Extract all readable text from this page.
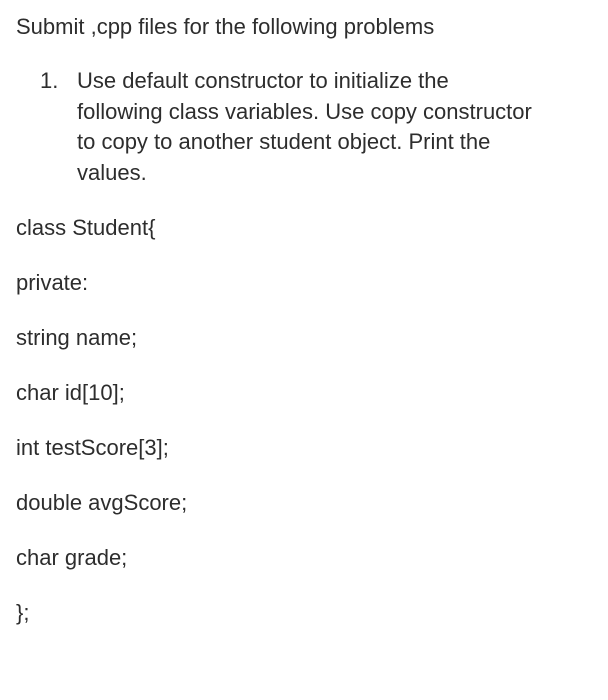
Submit ,cpp files for the following problems
1. Use default constructor to initialize the
following class variables. Use copy constructor
to copy to another student object. Print the
values.
class Student{
private:
string name;
char id[10];
int testScore[3];
double avgScore;
char grade;
};
